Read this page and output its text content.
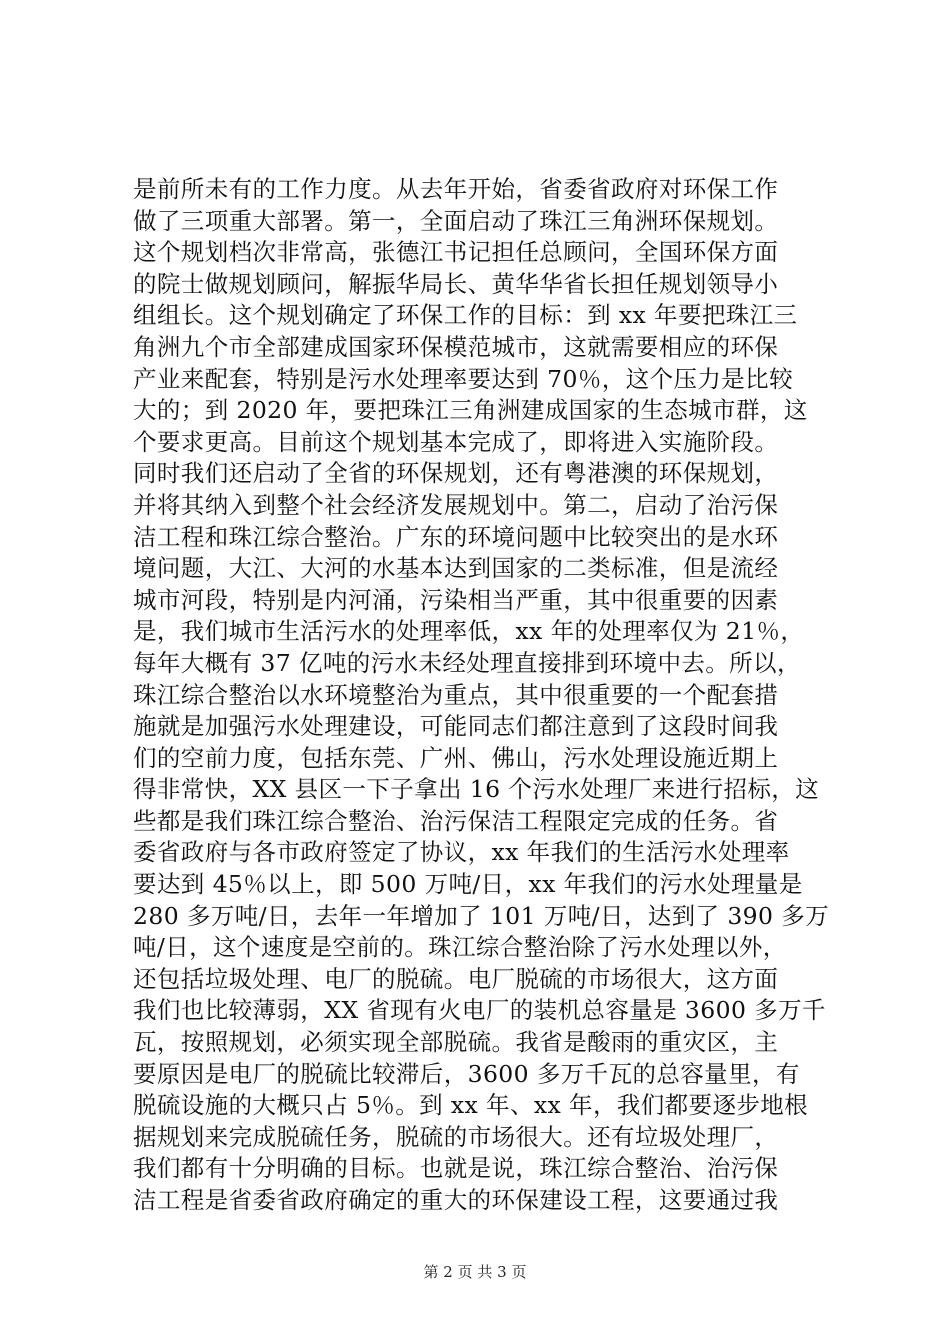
是前所未有的工作力度。从去年开始，省委省政府对环保工作
做了三项重大部署。第一，全面启动了珠江三角洲环保规划。
这个规划档次非常高，张德江书记担任总顾问，全国环保方面
的院士做规划顾问，解振华局长、黄华华省长担任规划领导小
组组长。这个规划确定了环保工作的目标：到 xx 年要把珠江三
角洲九个市全部建成国家环保模范城市，这就需要相应的环保
产业来配套，特别是污水处理率要达到 70％，这个压力是比较
大的；到 2020 年，要把珠江三角洲建成国家的生态城市群，这
个要求更高。目前这个规划基本完成了，即将进入实施阶段。
同时我们还启动了全省的环保规划，还有粤港澳的环保规划，
并将其纳入到整个社会经济发展规划中。第二，启动了治污保
洁工程和珠江综合整治。广东的环境问题中比较突出的是水环
境问题，大江、大河的水基本达到国家的二类标准，但是流经
城市河段，特别是内河涌，污染相当严重，其中很重要的因素
是，我们城市生活污水的处理率低，xx 年的处理率仅为 21％，
每年大概有 37 亿吨的污水未经处理直接排到环境中去。所以，
珠江综合整治以水环境整治为重点，其中很重要的一个配套措
施就是加强污水处理建设，可能同志们都注意到了这段时间我
们的空前力度，包括东莞、广州、佛山，污水处理设施近期上
得非常快，XX 县区一下子拿出 16 个污水处理厂来进行招标，这
些都是我们珠江综合整治、治污保洁工程限定完成的任务。省
委省政府与各市政府签定了协议，xx 年我们的生活污水处理率
要达到 45％以上，即 500 万吨/日，xx 年我们的污水处理量是
280 多万吨/日，去年一年增加了 101 万吨/日，达到了 390 多万
吨/日，这个速度是空前的。珠江综合整治除了污水处理以外，
还包括垃圾处理、电厂的脱硫。电厂脱硫的市场很大，这方面
我们也比较薄弱，XX 省现有火电厂的装机总容量是 3600 多万千
瓦，按照规划，必须实现全部脱硫。我省是酸雨的重灾区，主
要原因是电厂的脱硫比较滞后，3600 多万千瓦的总容量里，有
脱硫设施的大概只占 5％。到 xx 年、xx 年，我们都要逐步地根
据规划来完成脱硫任务，脱硫的市场很大。还有垃圾处理厂，
我们都有十分明确的目标。也就是说，珠江综合整治、治污保
洁工程是省委省政府确定的重大的环保建设工程，这要通过我
第 2 页 共 3 页
